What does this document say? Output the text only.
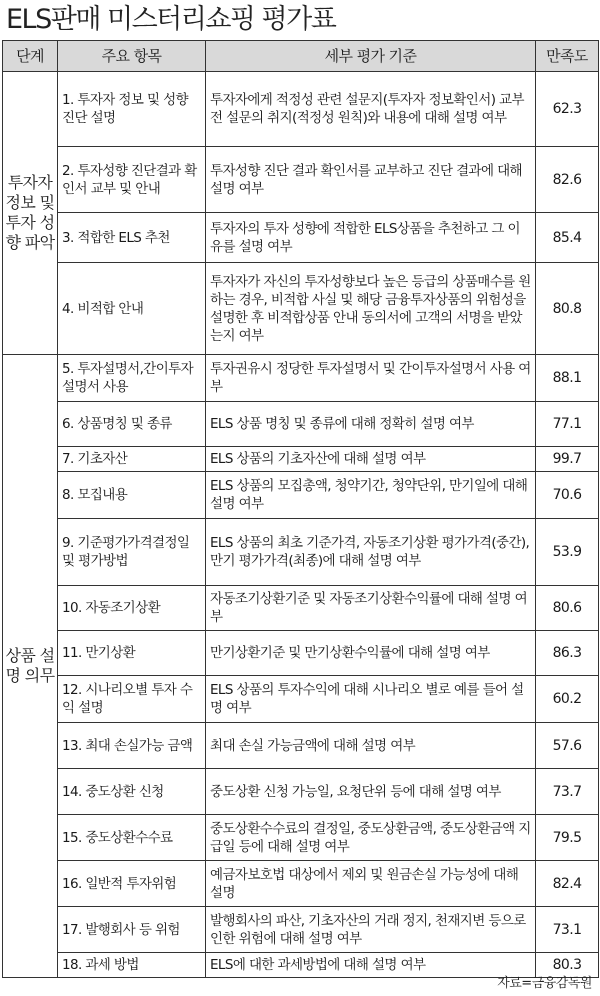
ELS판매 미스터리쇼핑 평가표
단계	주요 항목	세부 평가 기준	만족도
투자자 정보 및 투자 성향 파악	1. 투자자 정보 및 성향 진단 설명	투자자에게 적정성 관련 설문지(투자자 정보확인서) 교부 전 설문의 취지(적정성 원칙)와 내용에 대해 설명 여부	62.3
	2. 투자성향 진단결과 확인서 교부 및 안내	투자성향 진단 결과 확인서를 교부하고 진단 결과에 대해 설명 여부	82.6
	3. 적합한 ELS 추천	투자자의 투자 성향에 적합한 ELS상품을 추천하고 그 이유를 설명 여부	85.4
	4. 비적합 안내	투자자가 자신의 투자성향보다 높은 등급의 상품매수를 원하는 경우, 비적합 사실 및 해당 금융투자상품의 위험성을 설명한 후 비적합상품 안내 동의서에 고객의 서명을 받았는지 여부	80.8
상품 설명 의무	5. 투자설명서,간이투자 설명서 사용	투자권유시 정당한 투자설명서 및 간이투자설명서 사용 여부	88.1
	6. 상품명칭 및 종류	ELS 상품 명칭 및 종류에 대해 정확히 설명 여부	77.1
	7. 기초자산	ELS 상품의 기초자산에 대해 설명 여부	99.7
	8. 모집내용	ELS 상품의 모집총액, 청약기간, 청약단위, 만기일에 대해 설명 여부	70.6
	9. 기준평가가격결정일 및 평가방법	ELS 상품의 최초 기준가격, 자동조기상환 평가가격(중간), 만기 평가가격(최종)에 대해 설명 여부	53.9
	10. 자동조기상환	자동조기상환기준 및 자동조기상환수익률에 대해 설명 여부	80.6
	11. 만기상환	만기상환기준 및 만기상환수익률에 대해 설명 여부	86.3
	12. 시나리오별 투자 수익 설명	ELS 상품의 투자수익에 대해 시나리오 별로 예를 들어 설명 여부	60.2
	13. 최대 손실가능 금액	최대 손실 가능금액에 대해 설명 여부	57.6
	14. 중도상환 신청	중도상환 신청 가능일, 요청단위 등에 대해 설명 여부	73.7
	15. 중도상환수수료	중도상환수수료의 결정일, 중도상환금액, 중도상환금액 지급일 등에 대해 설명 여부	79.5
	16. 일반적 투자위험	예금자보호법 대상에서 제외 및 원금손실 가능성에 대해 설명	82.4
	17. 발행회사 등 위험	발행회사의 파산, 기초자산의 거래 정지, 천재지변 등으로 인한 위험에 대해 설명 여부	73.1
	18. 과세 방법	ELS에 대한 과세방법에 대해 설명 여부	80.3
자료=금융감독원
